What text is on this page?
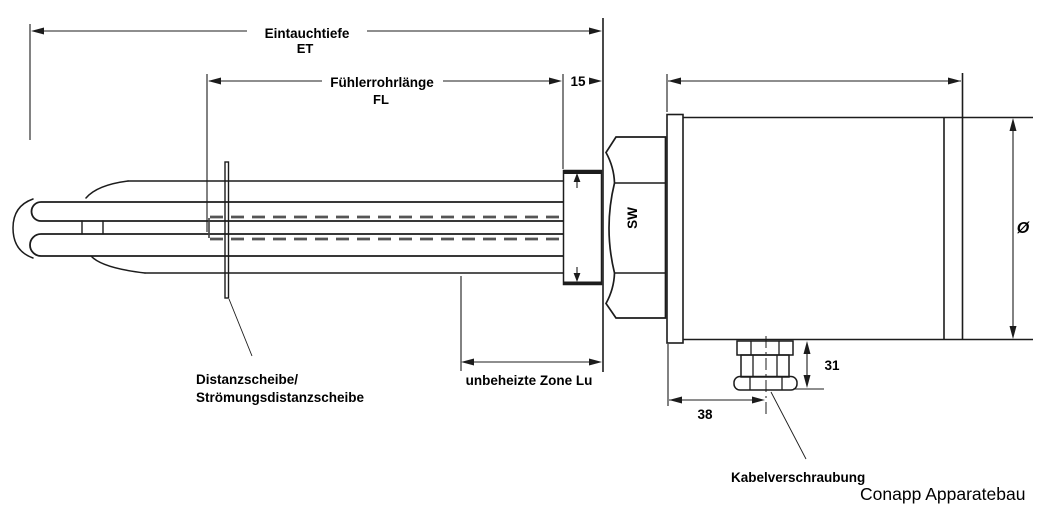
Eintauchtiefe
ET
Fühlerrohrlänge
FL
15
SW	Ø
31
38
unbeheizte Zone Lu
Distanzscheibe/
Strömungsdistanzscheibe
Kabelverschraubung
Conapp Apparatebau
